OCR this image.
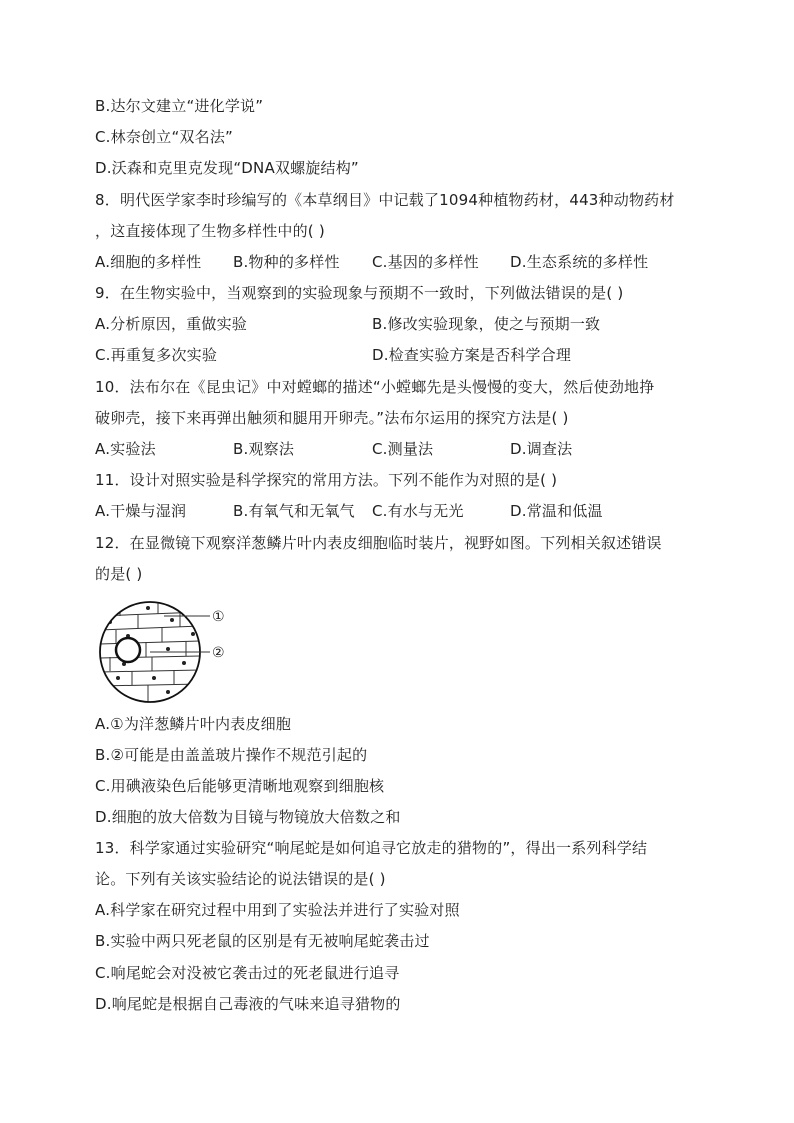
B.达尔文建立“进化学说”
C.林奈创立“双名法”
D.沃森和克里克发现“DNA双螺旋结构”
8．明代医学家李时珍编写的《本草纲目》中记载了1094种植物药材，443种动物药材
，这直接体现了生物多样性中的( )
A.细胞的多样性 B.物种的多样性 C.基因的多样性 D.生态系统的多样性
9．在生物实验中，当观察到的实验现象与预期不一致时，下列做法错误的是( )
A.分析原因，重做实验	B.修改实验现象，使之与预期一致
C.再重复多次实验	D.检查实验方案是否科学合理
10．法布尔在《昆虫记》中对螳螂的描述“小螳螂先是头慢慢的变大，然后使劲地挣
破卵壳，接下来再弹出触须和腿用开卵壳。”法布尔运用的探究方法是( )
A.实验法	B.观察法	C.测量法	D.调查法
11．设计对照实验是科学探究的常用方法。下列不能作为对照的是( )
A.干燥与湿润	B.有氧气和无氧气 C.有水与无光	D.常温和低温
12．在显微镜下观察洋葱鳞片叶内表皮细胞临时装片，视野如图。下列相关叙述错误
的是( )
①
②
A.①为洋葱鳞片叶内表皮细胞
B.②可能是由盖盖玻片操作不规范引起的
C.用碘液染色后能够更清晰地观察到细胞核
D.细胞的放大倍数为目镜与物镜放大倍数之和
13．科学家通过实验研究“响尾蛇是如何追寻它放走的猎物的”，得出一系列科学结
论。下列有关该实验结论的说法错误的是( )
A.科学家在研究过程中用到了实验法并进行了实验对照
B.实验中两只死老鼠的区别是有无被响尾蛇袭击过
C.响尾蛇会对没被它袭击过的死老鼠进行追寻
D.响尾蛇是根据自己毒液的气味来追寻猎物的
